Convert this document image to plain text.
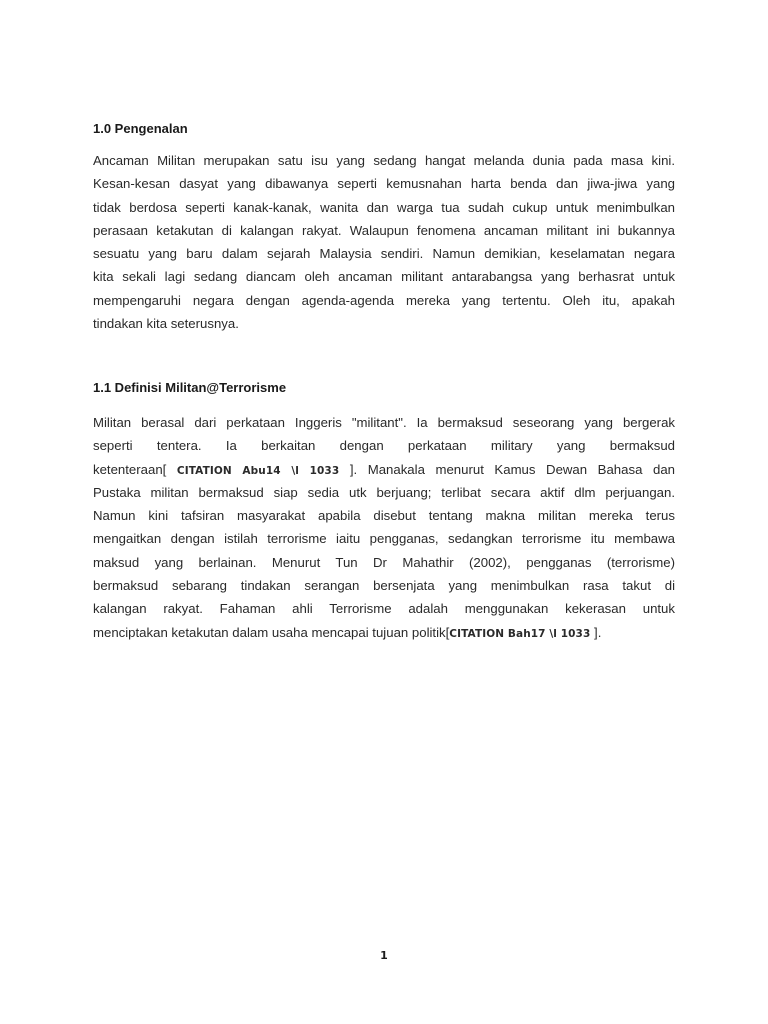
1.0 Pengenalan
Ancaman Militan merupakan satu isu yang sedang hangat melanda dunia pada masa kini.
Kesan-kesan dasyat yang dibawanya seperti kemusnahan harta benda dan jiwa-jiwa yang
tidak berdosa seperti kanak-kanak, wanita dan warga tua sudah cukup untuk menimbulkan
perasaan ketakutan di kalangan rakyat. Walaupun fenomena ancaman militant ini bukannya
sesuatu yang baru dalam sejarah Malaysia sendiri. Namun demikian, keselamatan negara
kita sekali lagi sedang diancam oleh ancaman militant antarabangsa yang berhasrat untuk
mempengaruhi negara dengan agenda-agenda mereka yang tertentu. Oleh itu, apakah
tindakan kita seterusnya.
1.1 Definisi Militan@Terrorisme
Militan berasal dari perkataan Inggeris "militant". Ia bermaksud seseorang yang bergerak
seperti tentera. Ia berkaitan dengan perkataan military yang bermaksud
ketenteraan[ CITATION Abu14 \l 1033 ]. Manakala menurut Kamus Dewan Bahasa dan
Pustaka militan bermaksud siap sedia utk berjuang; terlibat secara aktif dlm perjuangan.
Namun kini tafsiran masyarakat apabila disebut tentang makna militan mereka terus
mengaitkan dengan istilah terrorisme iaitu pengganas, sedangkan terrorisme itu membawa
maksud yang berlainan. Menurut Tun Dr Mahathir (2002), pengganas (terrorisme)
bermaksud sebarang tindakan serangan bersenjata yang menimbulkan rasa takut di
kalangan rakyat. Fahaman ahli Terrorisme adalah menggunakan kekerasan untuk
menciptakan ketakutan dalam usaha mencapai tujuan politik[CITATION Bah17 \l 1033 ].
1
